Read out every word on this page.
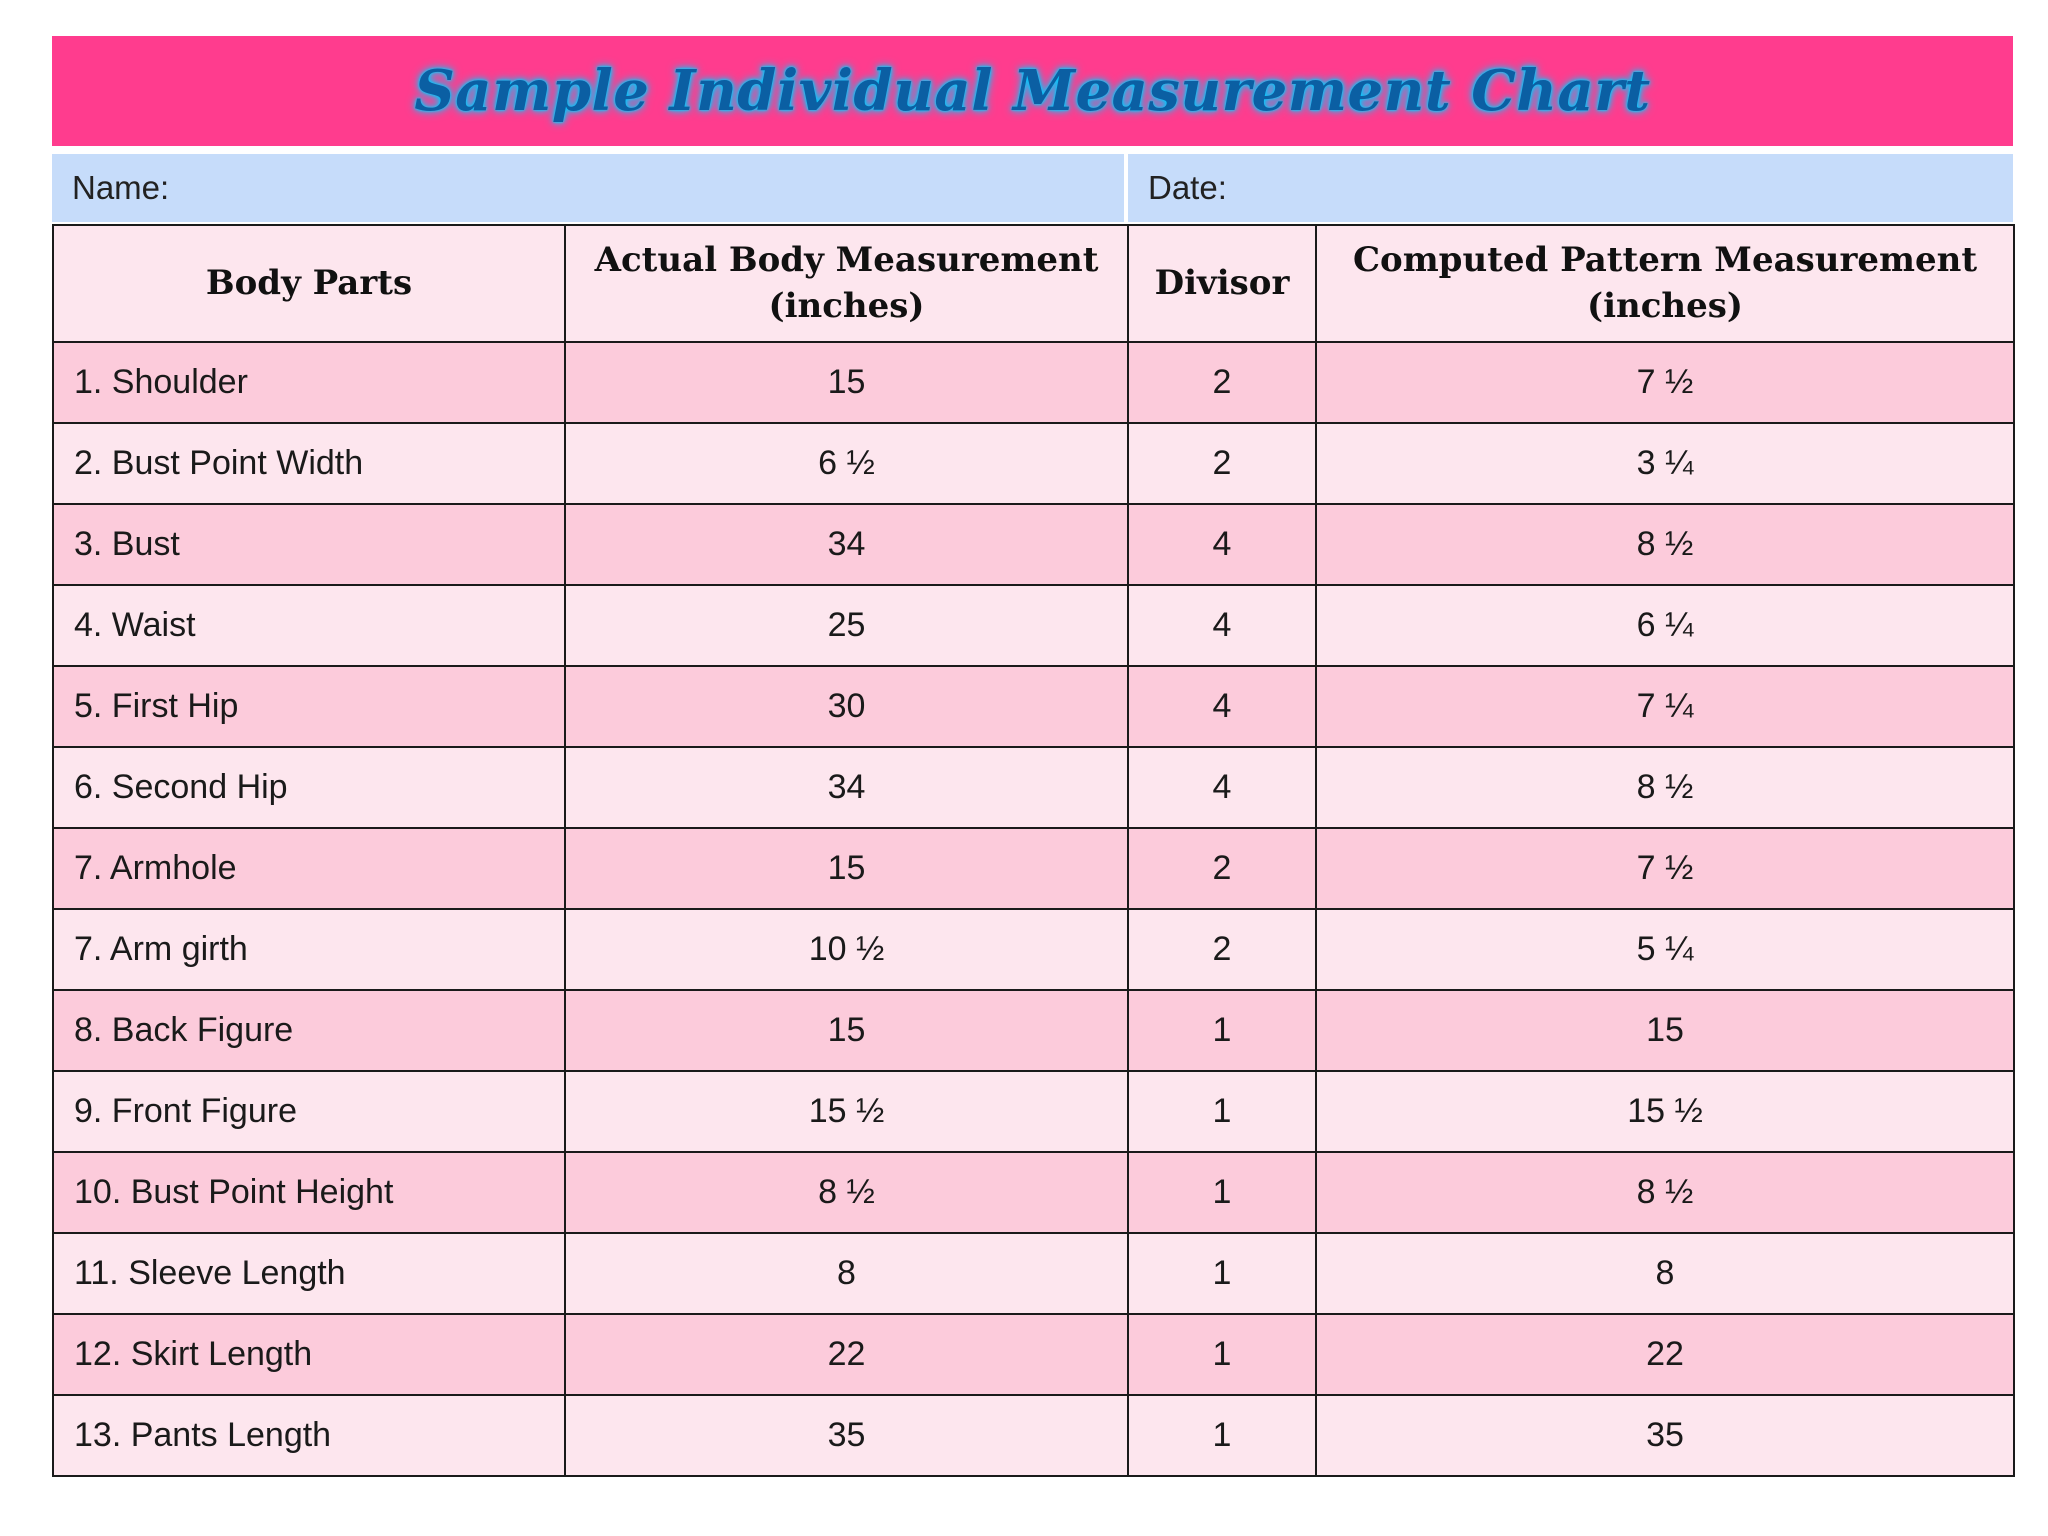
Sample Individual Measurement Chart
Name:	Date:
Body Parts	Actual Body Measurement (inches)	Divisor	Computed Pattern Measurement (inches)
1. Shoulder	15	2	7 ½
2. Bust Point Width	6 ½	2	3 ¼
3. Bust	34	4	8 ½
4. Waist	25	4	6 ¼
5. First Hip	30	4	7 ¼
6. Second Hip	34	4	8 ½
7. Armhole	15	2	7 ½
7. Arm girth	10 ½	2	5 ¼
8. Back Figure	15	1	15
9. Front Figure	15 ½	1	15 ½
10. Bust Point Height	8 ½	1	8 ½
11. Sleeve Length	8	1	8
12. Skirt Length	22	1	22
13. Pants Length	35	1	35
